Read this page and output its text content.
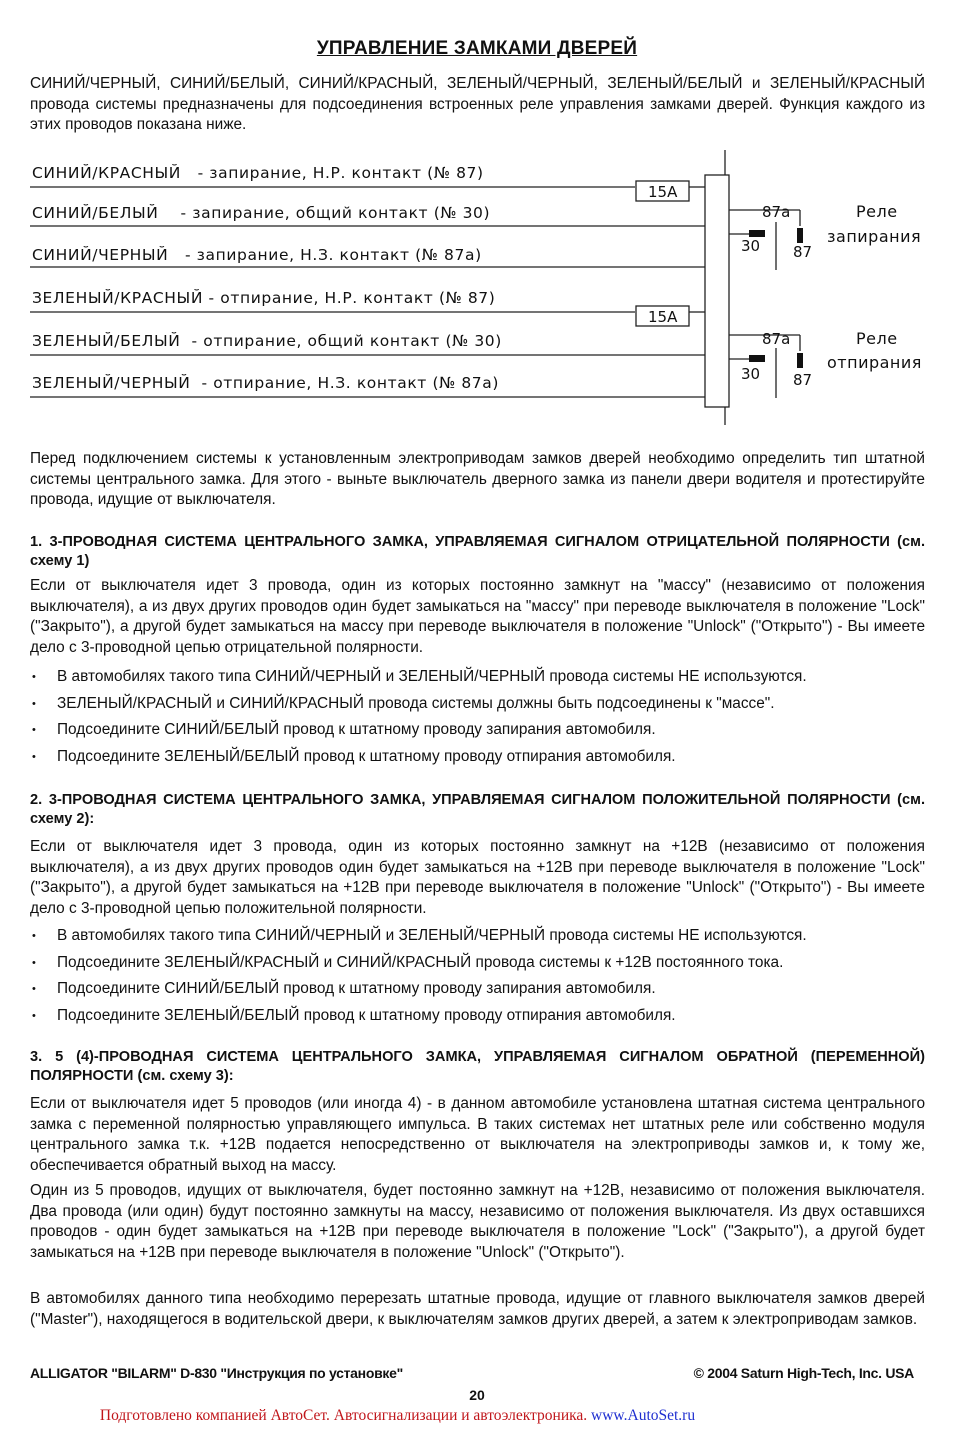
УПРАВЛЕНИЕ ЗАМКАМИ ДВЕРЕЙ
СИНИЙ/ЧЕРНЫЙ, СИНИЙ/БЕЛЫЙ, СИНИЙ/КРАСНЫЙ, ЗЕЛЕНЫЙ/ЧЕРНЫЙ, ЗЕЛЕНЫЙ/БЕЛЫЙ и ЗЕЛЕНЫЙ/КРАСНЫЙ провода системы предназначены для подсоединения встроенных реле управления замками дверей. Функция каждого из этих проводов показана ниже.
СИНИЙ/КРАСНЫЙ   - запирание, Н.Р. контакт (№ 87)
СИНИЙ/БЕЛЫЙ    - запирание, общий контакт (№ 30)
СИНИЙ/ЧЕРНЫЙ   - запирание, Н.З. контакт (№ 87а)
ЗЕЛЕНЫЙ/КРАСНЫЙ - отпирание, Н.Р. контакт (№ 87)
ЗЕЛЕНЫЙ/БЕЛЫЙ  - отпирание, общий контакт (№ 30)
ЗЕЛЕНЫЙ/ЧЕРНЫЙ  - отпирание, Н.З. контакт (№ 87а)
15A
15A
87a
30 87
Реле
запирания
87a
30 87
Реле
отпирания
Перед подключением системы к установленным электроприводам замков дверей необходимо определить тип штатной системы центрального замка. Для этого - выньте выключатель дверного замка из панели двери водителя и протестируйте провода, идущие от выключателя.
1. 3-ПРОВОДНАЯ СИСТЕМА ЦЕНТРАЛЬНОГО ЗАМКА, УПРАВЛЯЕМАЯ СИГНАЛОМ ОТРИЦАТЕЛЬНОЙ ПОЛЯРНОСТИ (см. схему 1)
Если от выключателя идет 3 провода, один из которых постоянно замкнут на "массу" (независимо от положения выключателя), а из двух других проводов один будет замыкаться на "массу" при переводе выключателя в положение "Lock" ("Закрыто"), а другой будет замыкаться на массу при переводе выключателя в положение "Unlock" ("Открыто") - Вы имеете дело с 3-проводной цепью отрицательной полярности.
• В автомобилях такого типа СИНИЙ/ЧЕРНЫЙ и ЗЕЛЕНЫЙ/ЧЕРНЫЙ провода системы НЕ используются.
• ЗЕЛЕНЫЙ/КРАСНЫЙ и СИНИЙ/КРАСНЫЙ провода системы должны быть подсоединены к "массе".
• Подсоедините СИНИЙ/БЕЛЫЙ провод к штатному проводу запирания автомобиля.
• Подсоедините ЗЕЛЕНЫЙ/БЕЛЫЙ провод к штатному проводу отпирания автомобиля.
2. 3-ПРОВОДНАЯ СИСТЕМА ЦЕНТРАЛЬНОГО ЗАМКА, УПРАВЛЯЕМАЯ СИГНАЛОМ ПОЛОЖИТЕЛЬНОЙ ПОЛЯРНОСТИ (см. схему 2):
Если от выключателя идет 3 провода, один из которых постоянно замкнут на +12В (независимо от положения выключателя), а из двух других проводов один будет замыкаться на +12В при переводе выключателя в положение "Lock" ("Закрыто"), а другой будет замыкаться на +12В при переводе выключателя в положение "Unlock" ("Открыто") - Вы имеете дело с 3-проводной цепью положительной полярности.
• В автомобилях такого типа СИНИЙ/ЧЕРНЫЙ и ЗЕЛЕНЫЙ/ЧЕРНЫЙ провода системы НЕ используются.
• Подсоедините ЗЕЛЕНЫЙ/КРАСНЫЙ и СИНИЙ/КРАСНЫЙ провода системы к +12В постоянного тока.
• Подсоедините СИНИЙ/БЕЛЫЙ провод к штатному проводу запирания автомобиля.
• Подсоедините ЗЕЛЕНЫЙ/БЕЛЫЙ провод к штатному проводу отпирания автомобиля.
3. 5 (4)-ПРОВОДНАЯ СИСТЕМА ЦЕНТРАЛЬНОГО ЗАМКА, УПРАВЛЯЕМАЯ СИГНАЛОМ ОБРАТНОЙ (ПЕРЕМЕННОЙ) ПОЛЯРНОСТИ (см. схему 3):
Если от выключателя идет 5 проводов (или иногда 4) - в данном автомобиле установлена штатная система центрального замка с переменной полярностью управляющего импульса. В таких системах нет штатных реле или собственно модуля центрального замка т.к. +12В подается непосредственно от выключателя на электроприводы замков и, к тому же, обеспечивается обратный выход на массу.
Один из 5 проводов, идущих от выключателя, будет постоянно замкнут на +12В, независимо от положения выключателя. Два провода (или один) будут постоянно замкнуты на массу, независимо от положения выключателя. Из двух оставшихся проводов - один будет замыкаться на +12В при переводе выключателя в положение "Lock" ("Закрыто"), а другой будет замыкаться на +12В при переводе выключателя в положение "Unlock" ("Открыто").
В автомобилях данного типа необходимо перерезать штатные провода, идущие от главного выключателя замков дверей ("Master"), находящегося в водительской двери, к выключателям замков других дверей, а затем к электроприводам замков.
ALLIGATOR "BILARM" D-830 "Инструкция по установке"	© 2004 Saturn High-Tech, Inc. USA
20
Подготовлено компанией АвтоСет. Автосигнализации и автоэлектроника. www.AutoSet.ru
